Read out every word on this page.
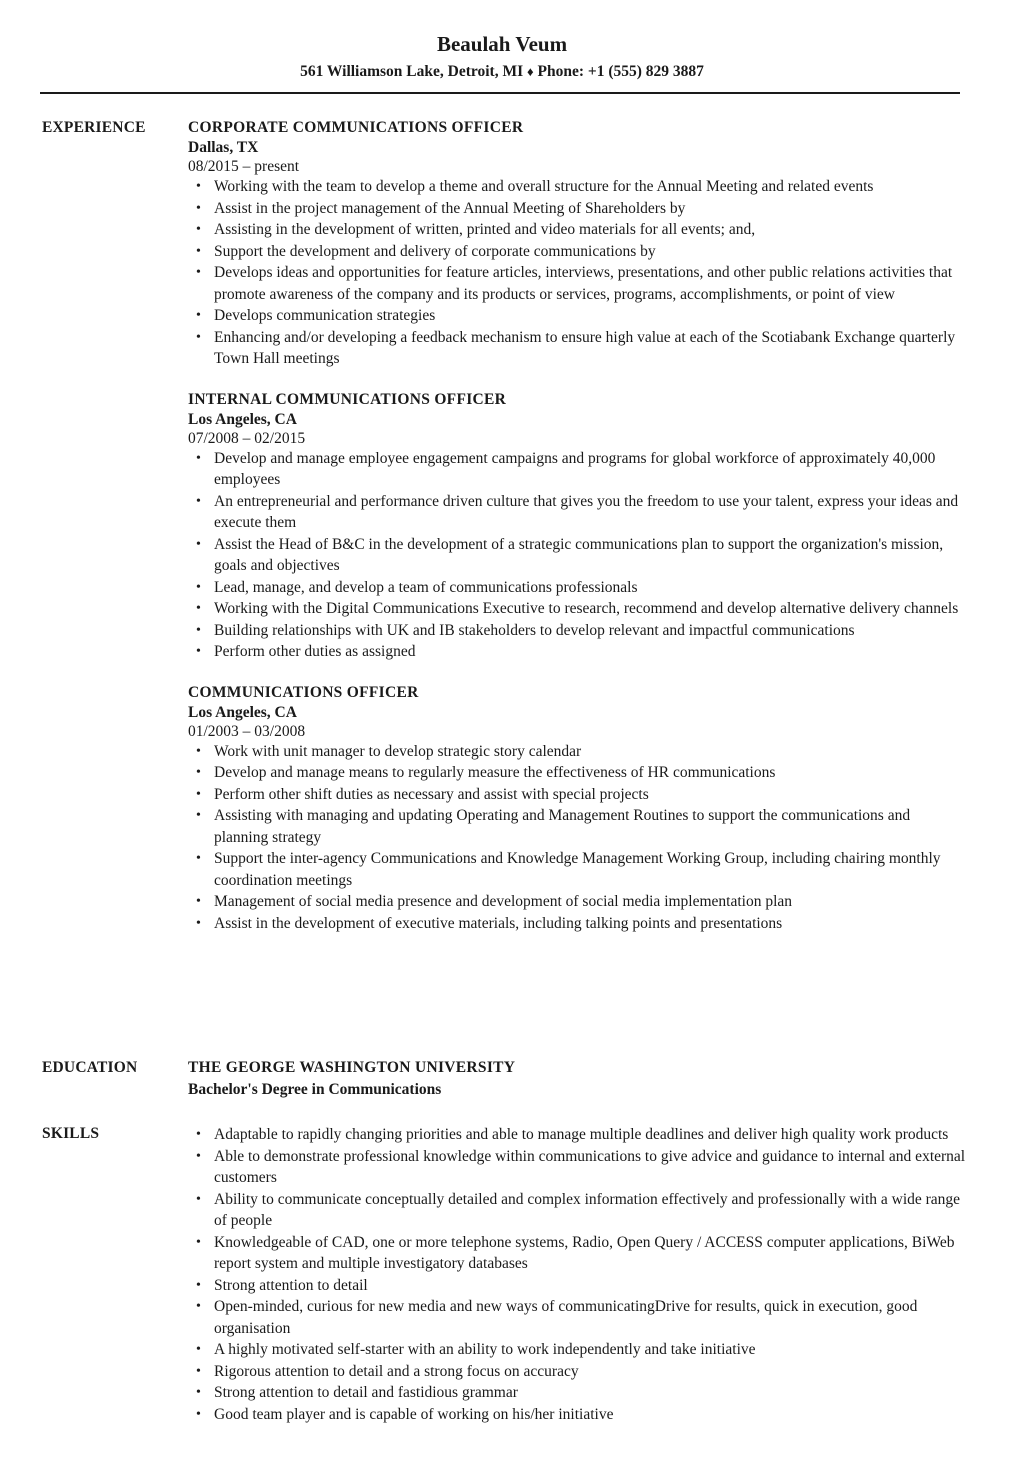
Beaulah Veum
561 Williamson Lake, Detroit, MI ♦ Phone: +1 (555) 829 3887
EXPERIENCE	CORPORATE COMMUNICATIONS OFFICER
Dallas, TX
08/2015 – present
• Working with the team to develop a theme and overall structure for the Annual Meeting and related events
• Assist in the project management of the Annual Meeting of Shareholders by
• Assisting in the development of written, printed and video materials for all events; and,
• Support the development and delivery of corporate communications by
• Develops ideas and opportunities for feature articles, interviews, presentations, and other public relations activities that promote awareness of the company and its products or services, programs, accomplishments, or point of view
• Develops communication strategies
• Enhancing and/or developing a feedback mechanism to ensure high value at each of the Scotiabank Exchange quarterly Town Hall meetings
INTERNAL COMMUNICATIONS OFFICER
Los Angeles, CA
07/2008 – 02/2015
• Develop and manage employee engagement campaigns and programs for global workforce of approximately 40,000 employees
• An entrepreneurial and performance driven culture that gives you the freedom to use your talent, express your ideas and execute them
• Assist the Head of B&C in the development of a strategic communications plan to support the organization's mission, goals and objectives
• Lead, manage, and develop a team of communications professionals
• Working with the Digital Communications Executive to research, recommend and develop alternative delivery channels
• Building relationships with UK and IB stakeholders to develop relevant and impactful communications
• Perform other duties as assigned
COMMUNICATIONS OFFICER
Los Angeles, CA
01/2003 – 03/2008
• Work with unit manager to develop strategic story calendar
• Develop and manage means to regularly measure the effectiveness of HR communications
• Perform other shift duties as necessary and assist with special projects
• Assisting with managing and updating Operating and Management Routines to support the communications and planning strategy
• Support the inter-agency Communications and Knowledge Management Working Group, including chairing monthly coordination meetings
• Management of social media presence and development of social media implementation plan
• Assist in the development of executive materials, including talking points and presentations
EDUCATION	THE GEORGE WASHINGTON UNIVERSITY
Bachelor's Degree in Communications
SKILLS	• Adaptable to rapidly changing priorities and able to manage multiple deadlines and deliver high quality work products
• Able to demonstrate professional knowledge within communications to give advice and guidance to internal and external customers
• Ability to communicate conceptually detailed and complex information effectively and professionally with a wide range of people
• Knowledgeable of CAD, one or more telephone systems, Radio, Open Query / ACCESS computer applications, BiWeb report system and multiple investigatory databases
• Strong attention to detail
• Open-minded, curious for new media and new ways of communicatingDrive for results, quick in execution, good organisation
• A highly motivated self-starter with an ability to work independently and take initiative
• Rigorous attention to detail and a strong focus on accuracy
• Strong attention to detail and fastidious grammar
• Good team player and is capable of working on his/her initiative
